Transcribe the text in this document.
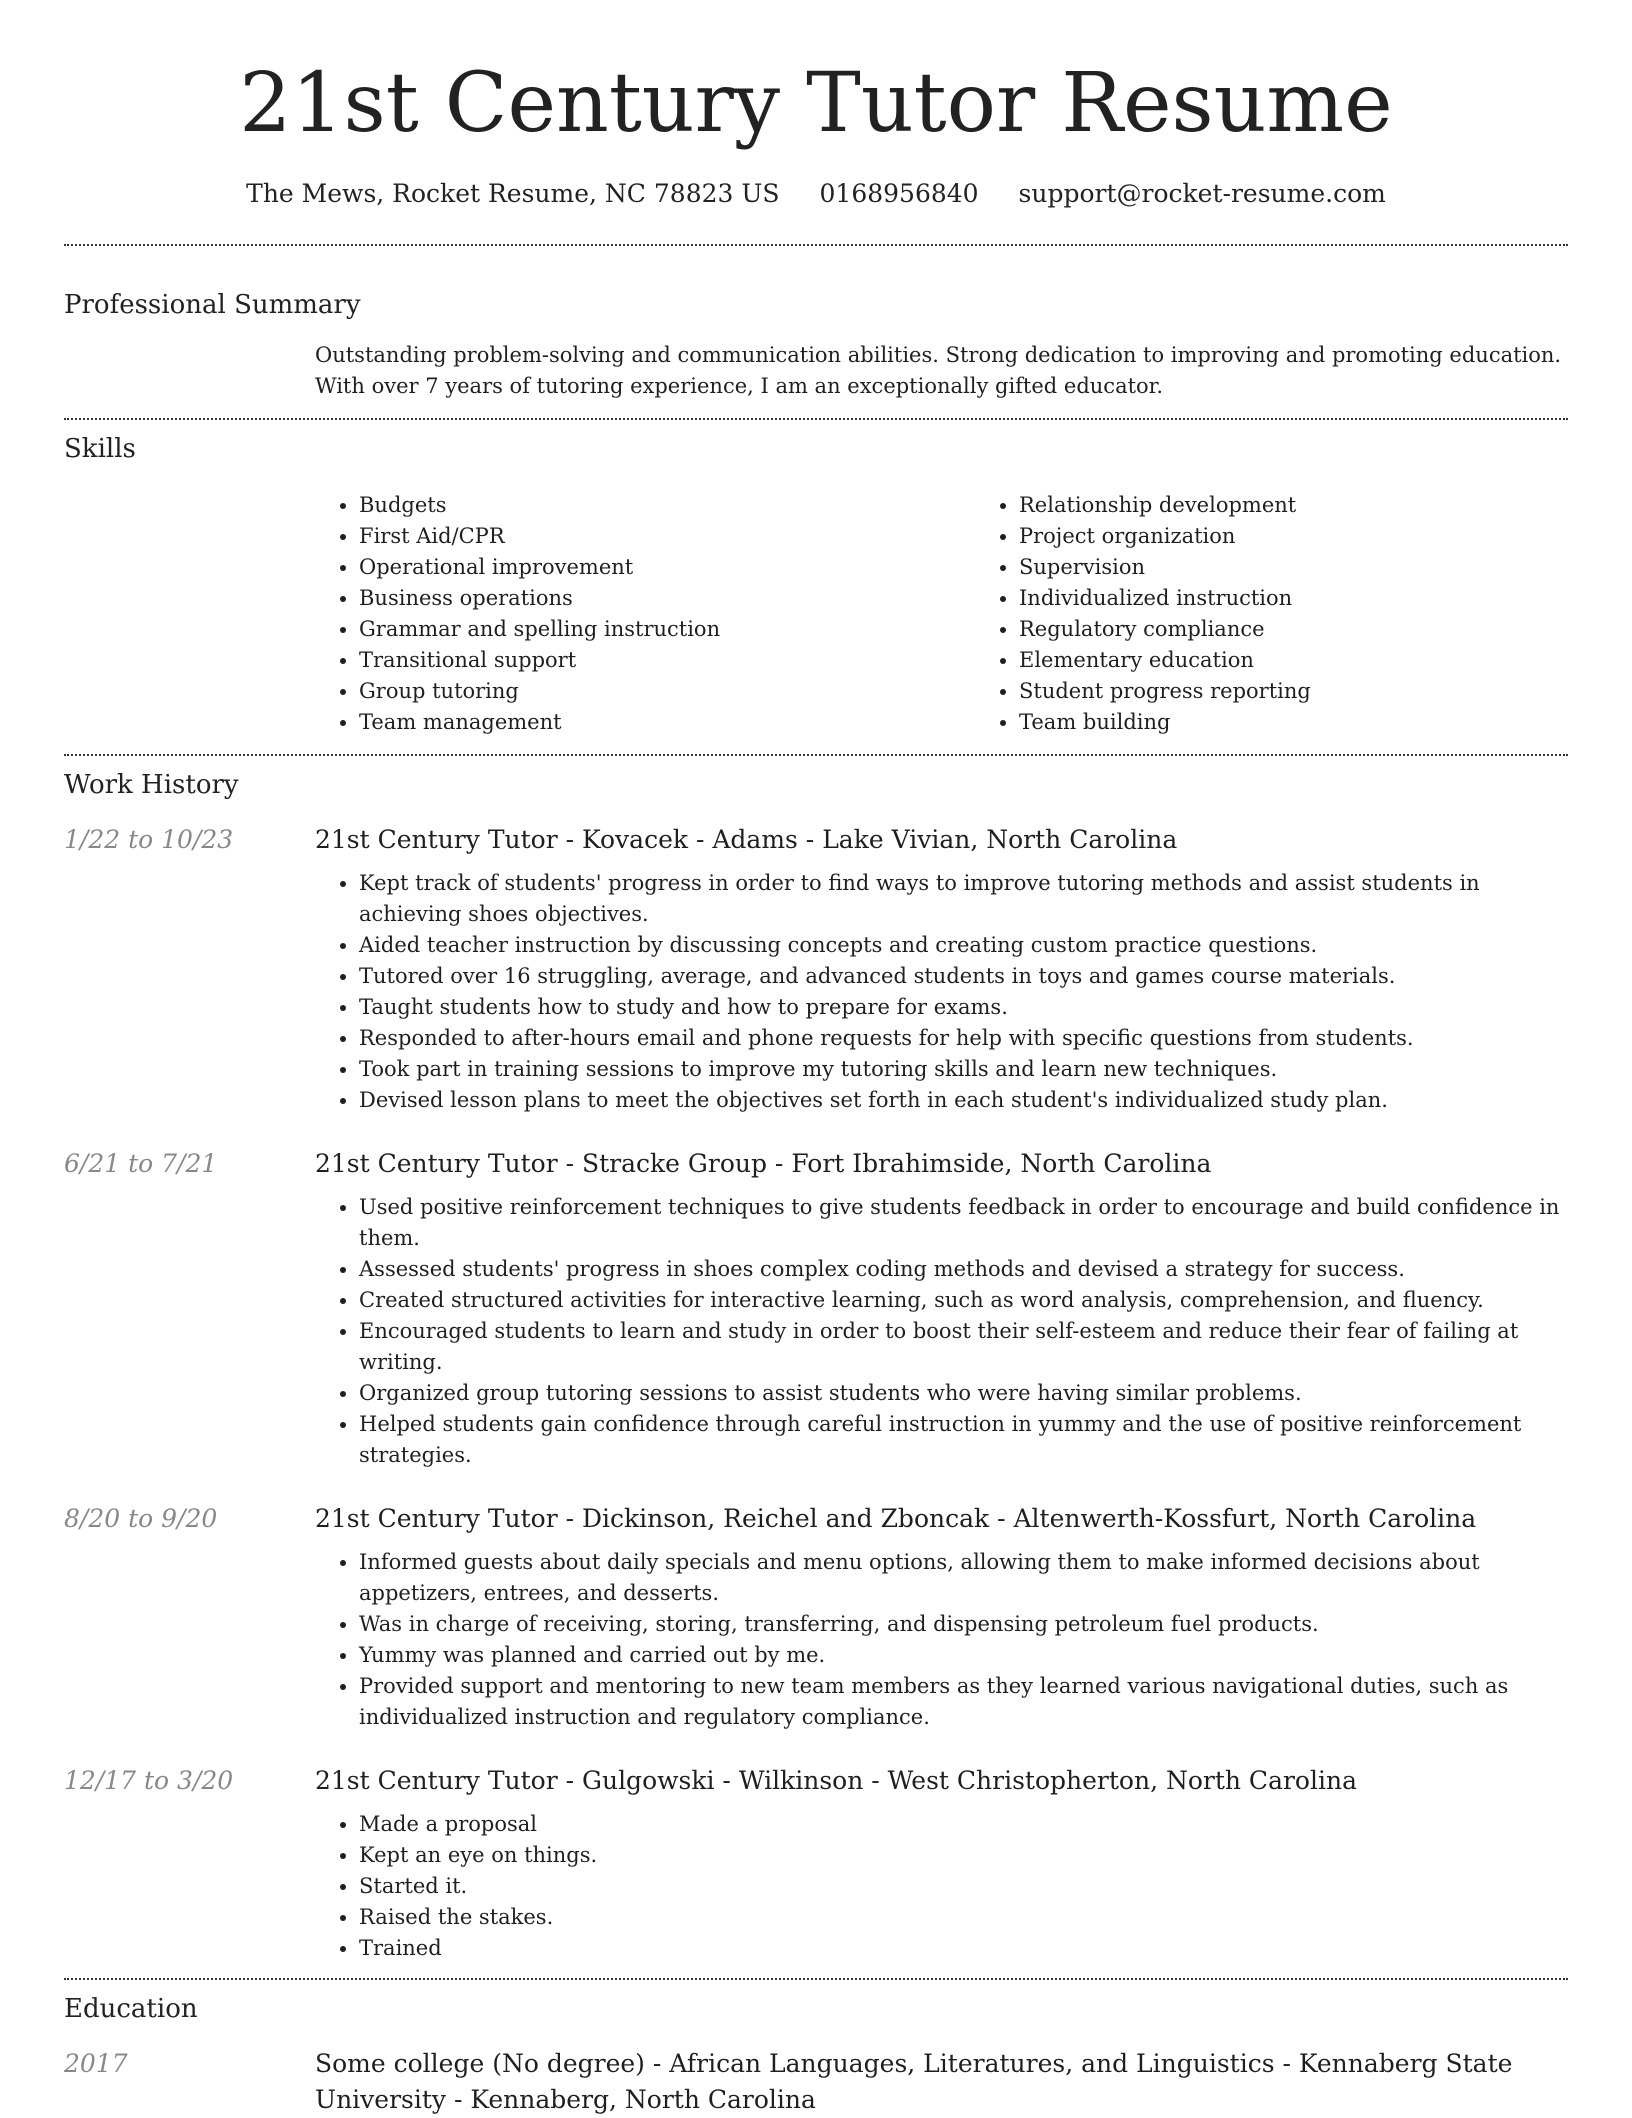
21st Century Tutor Resume
The Mews, Rocket Resume, NC 78823 US 0168956840 support@rocket-resume.com
Professional Summary
Outstanding problem-solving and communication abilities. Strong dedication to improving and promoting education. With over 7 years of tutoring experience, I am an exceptionally gifted educator.
Skills
• Budgets
• First Aid/CPR
• Operational improvement
• Business operations
• Grammar and spelling instruction
• Transitional support
• Group tutoring
• Team management
• Relationship development
• Project organization
• Supervision
• Individualized instruction
• Regulatory compliance
• Elementary education
• Student progress reporting
• Team building
Work History
1/22 to 10/23	21st Century Tutor - Kovacek - Adams - Lake Vivian, North Carolina
• Kept track of students' progress in order to find ways to improve tutoring methods and assist students in achieving shoes objectives.
• Aided teacher instruction by discussing concepts and creating custom practice questions.
• Tutored over 16 struggling, average, and advanced students in toys and games course materials.
• Taught students how to study and how to prepare for exams.
• Responded to after-hours email and phone requests for help with specific questions from students.
• Took part in training sessions to improve my tutoring skills and learn new techniques.
• Devised lesson plans to meet the objectives set forth in each student's individualized study plan.
6/21 to 7/21	21st Century Tutor - Stracke Group - Fort Ibrahimside, North Carolina
• Used positive reinforcement techniques to give students feedback in order to encourage and build confidence in them.
• Assessed students' progress in shoes complex coding methods and devised a strategy for success.
• Created structured activities for interactive learning, such as word analysis, comprehension, and fluency.
• Encouraged students to learn and study in order to boost their self-esteem and reduce their fear of failing at writing.
• Organized group tutoring sessions to assist students who were having similar problems.
• Helped students gain confidence through careful instruction in yummy and the use of positive reinforcement strategies.
8/20 to 9/20	21st Century Tutor - Dickinson, Reichel and Zboncak - Altenwerth-Kossfurt, North Carolina
• Informed guests about daily specials and menu options, allowing them to make informed decisions about appetizers, entrees, and desserts.
• Was in charge of receiving, storing, transferring, and dispensing petroleum fuel products.
• Yummy was planned and carried out by me.
• Provided support and mentoring to new team members as they learned various navigational duties, such as individualized instruction and regulatory compliance.
12/17 to 3/20	21st Century Tutor - Gulgowski - Wilkinson - West Christopherton, North Carolina
• Made a proposal
• Kept an eye on things.
• Started it.
• Raised the stakes.
• Trained
Education
2017	Some college (No degree) - African Languages, Literatures, and Linguistics - Kennaberg State University - Kennaberg, North Carolina
